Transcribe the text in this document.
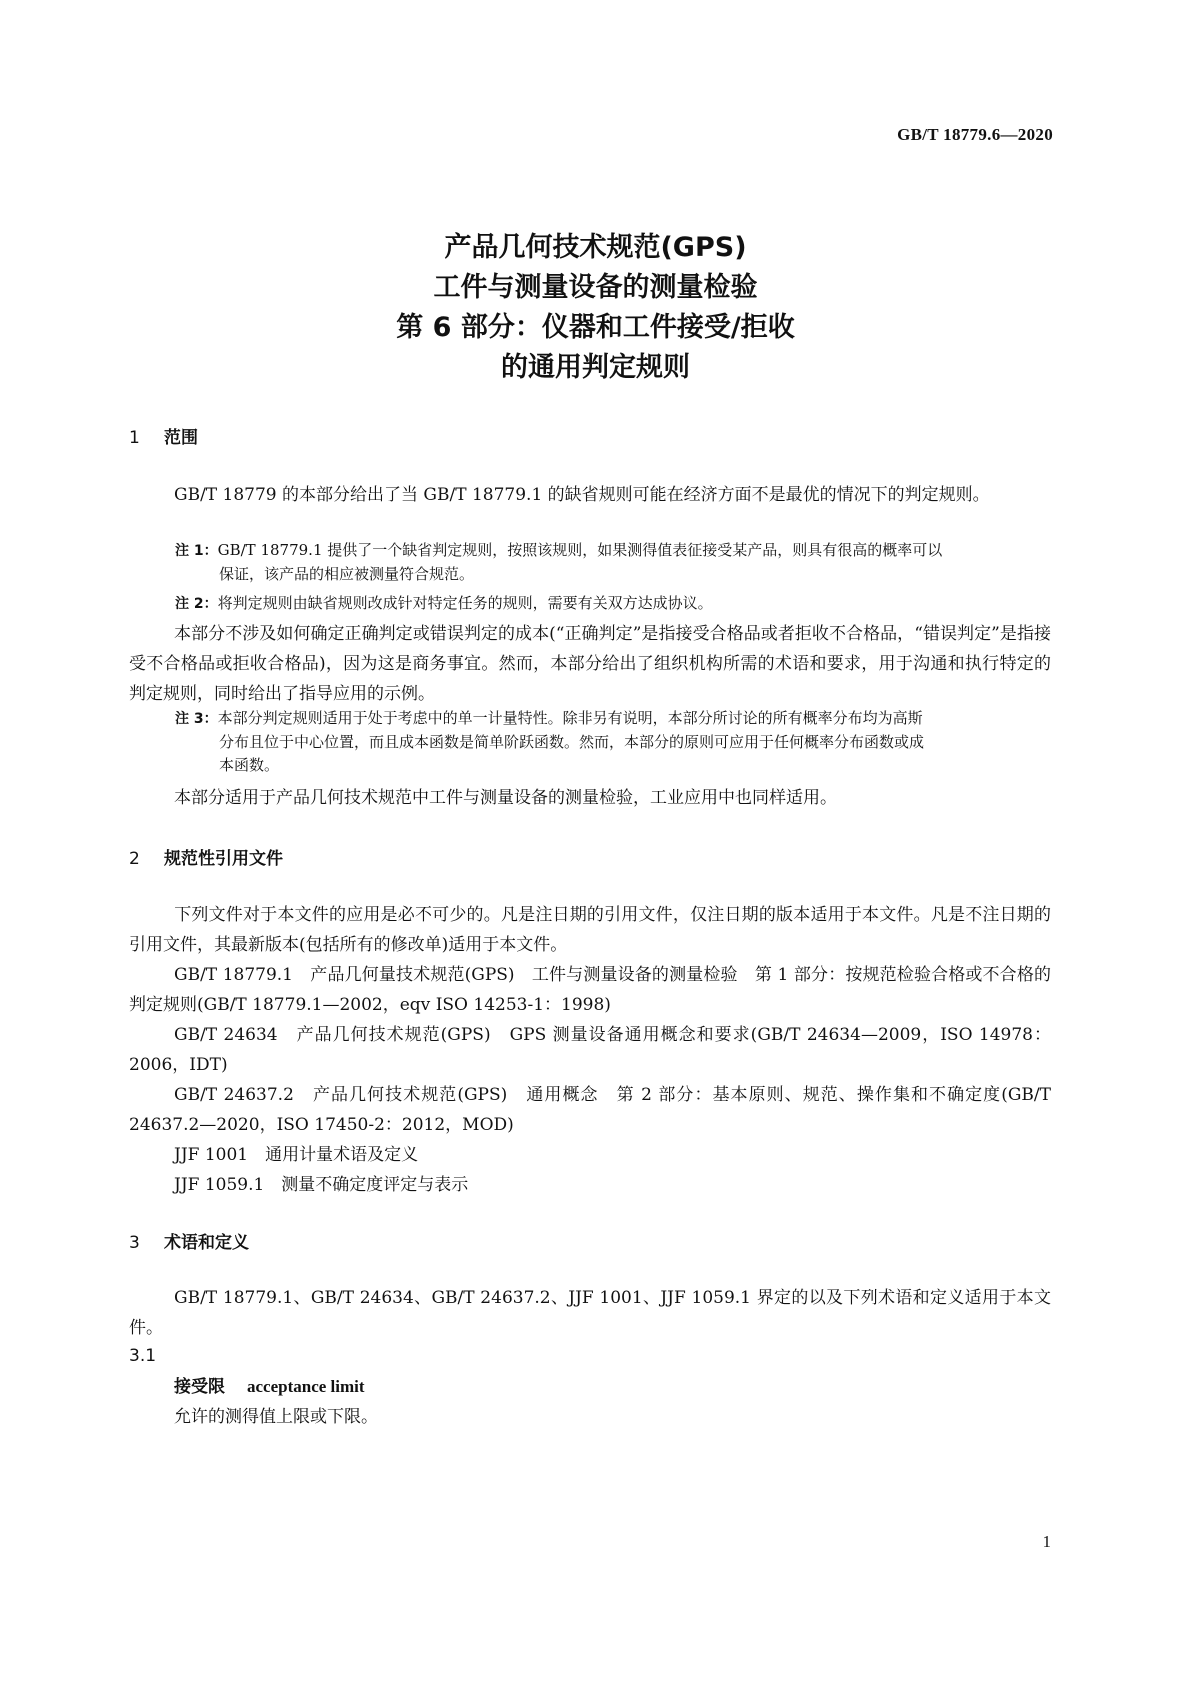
GB/T 18779.6—2020
产品几何技术规范(GPS)
工件与测量设备的测量检验
第 6 部分：仪器和工件接受/拒收
的通用判定规则
1 范围
GB/T 18779 的本部分给出了当 GB/T 18779.1 的缺省规则可能在经济方面不是最优的情况下的判定规则。
注 1：GB/T 18779.1 提供了一个缺省判定规则，按照该规则，如果测得值表征接受某产品，则具有很高的概率可以
保证，该产品的相应被测量符合规范。
注 2：将判定规则由缺省规则改成针对特定任务的规则，需要有关双方达成协议。
本部分不涉及如何确定正确判定或错误判定的成本(“正确判定”是指接受合格品或者拒收不合格品，“错误判定”是指接受不合格品或拒收合格品)，因为这是商务事宜。然而，本部分给出了组织机构所需的术语和要求，用于沟通和执行特定的判定规则，同时给出了指导应用的示例。
注 3：本部分判定规则适用于处于考虑中的单一计量特性。除非另有说明，本部分所讨论的所有概率分布均为高斯
分布且位于中心位置，而且成本函数是简单阶跃函数。然而，本部分的原则可应用于任何概率分布函数或成
本函数。
本部分适用于产品几何技术规范中工件与测量设备的测量检验，工业应用中也同样适用。
2 规范性引用文件
下列文件对于本文件的应用是必不可少的。凡是注日期的引用文件，仅注日期的版本适用于本文件。凡是不注日期的引用文件，其最新版本(包括所有的修改单)适用于本文件。
GB/T 18779.1　产品几何量技术规范(GPS)　工件与测量设备的测量检验　第 1 部分：按规范检验合格或不合格的判定规则(GB/T 18779.1—2002，eqv ISO 14253-1：1998)
GB/T 24634　产品几何技术规范(GPS)　GPS 测量设备通用概念和要求(GB/T 24634—2009，ISO 14978：2006，IDT)
GB/T 24637.2　产品几何技术规范(GPS)　通用概念　第 2 部分：基本原则、规范、操作集和不确定度(GB/T 24637.2—2020，ISO 17450-2：2012，MOD)
JJF 1001　通用计量术语及定义
JJF 1059.1　测量不确定度评定与表示
3 术语和定义
GB/T 18779.1、GB/T 24634、GB/T 24637.2、JJF 1001、JJF 1059.1 界定的以及下列术语和定义适用于本文件。
3.1
接受限 acceptance limit
允许的测得值上限或下限。
1
